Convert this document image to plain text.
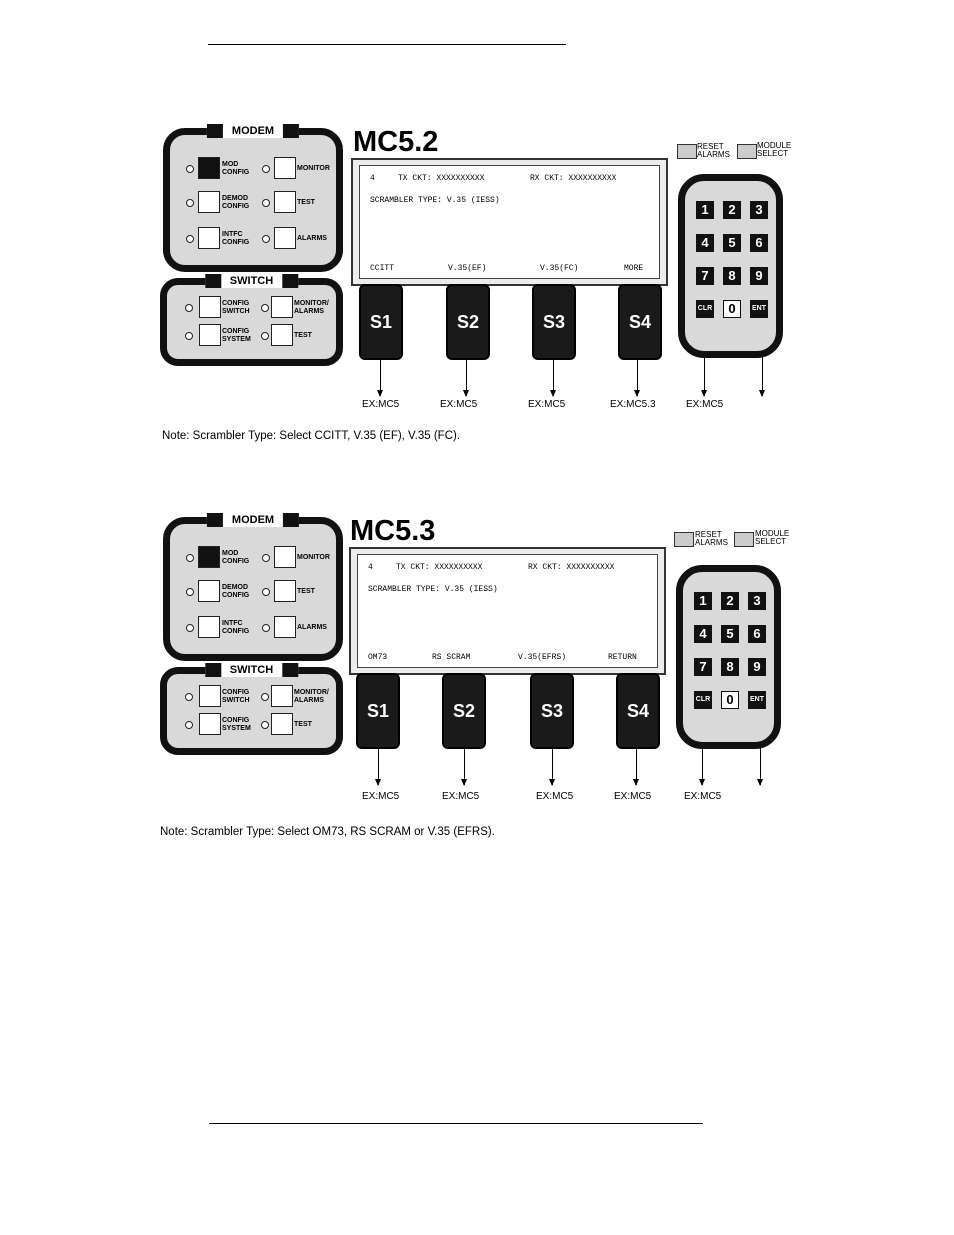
MODEM
MOD
CONFIG
MONITOR
DEMOD
CONFIG
TEST
INTFC
CONFIG
ALARMS
SWITCH
CONFIG
SWITCH
MONITOR/
ALARMS
CONFIG
SYSTEM
TEST
MC5.2
4	TX CKT: XXXXXXXXXX	RX CKT: XXXXXXXXXX
SCRAMBLER TYPE: V.35 (IESS)
CCITT	V.35(EF)	V.35(FC)	MORE
S1	S2	S3	S4
EX:MC5	EX:MC5	EX:MC5	EX:MC5.3	EX:MC5
RESET
ALARMS
MODULE
SELECT
1	2	3
4	5	6
7	8	9
CLR	0	ENT
Note: Scrambler Type: Select CCITT, V.35 (EF), V.35 (FC).
MODEM
MOD
CONFIG
MONITOR
DEMOD
CONFIG
TEST
INTFC
CONFIG
ALARMS
SWITCH
CONFIG
SWITCH
MONITOR/
ALARMS
CONFIG
SYSTEM
TEST
MC5.3
4	TX CKT: XXXXXXXXXX	RX CKT: XXXXXXXXXX
SCRAMBLER TYPE: V.35 (IESS)
OM73	RS SCRAM	V.35(EFRS)	RETURN
S1	S2	S3	S4
EX:MC5	EX:MC5	EX:MC5	EX:MC5	EX:MC5
RESET
ALARMS
MODULE
SELECT
1	2	3
4	5	6
7	8	9
CLR	0	ENT
Note: Scrambler Type: Select OM73, RS SCRAM or V.35 (EFRS).
